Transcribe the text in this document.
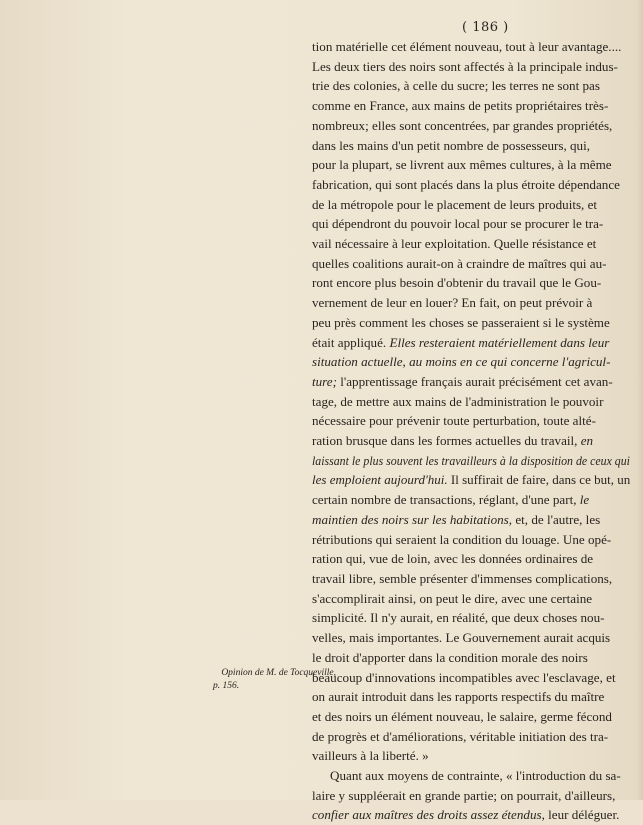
( 186 )
Opinion de M. de Tocqueville,
p. 156.
tion matérielle cet élément nouveau, tout à leur avantage....
Les deux tiers des noirs sont affectés à la principale indus-
trie des colonies, à celle du sucre; les terres ne sont pas
comme en France, aux mains de petits propriétaires très-
nombreux; elles sont concentrées, par grandes propriétés,
dans les mains d'un petit nombre de possesseurs, qui,
pour la plupart, se livrent aux mêmes cultures, à la même
fabrication, qui sont placés dans la plus étroite dépendance
de la métropole pour le placement de leurs produits, et
qui dépendront du pouvoir local pour se procurer le tra-
vail nécessaire à leur exploitation. Quelle résistance et
quelles coalitions aurait-on à craindre de maîtres qui au-
ront encore plus besoin d'obtenir du travail que le Gou-
vernement de leur en louer? En fait, on peut prévoir à
peu près comment les choses se passeraient si le système
était appliqué. Elles resteraient matériellement dans leur
situation actuelle, au moins en ce qui concerne l'agricul-
ture; l'apprentissage français aurait précisément cet avan-
tage, de mettre aux mains de l'administration le pouvoir
nécessaire pour prévenir toute perturbation, toute alté-
ration brusque dans les formes actuelles du travail, en
laissant le plus souvent les travailleurs à la disposition de ceux qui
les emploient aujourd'hui. Il suffirait de faire, dans ce but, un
certain nombre de transactions, réglant, d'une part, le
maintien des noirs sur les habitations, et, de l'autre, les
rétributions qui seraient la condition du louage. Une opé-
ration qui, vue de loin, avec les données ordinaires de
travail libre, semble présenter d'immenses complications,
s'accomplirait ainsi, on peut le dire, avec une certaine
simplicité. Il n'y aurait, en réalité, que deux choses nou-
velles, mais importantes. Le Gouvernement aurait acquis
le droit d'apporter dans la condition morale des noirs
beaucoup d'innovations incompatibles avec l'esclavage, et
on aurait introduit dans les rapports respectifs du maître
et des noirs un élément nouveau, le salaire, germe fécond
de progrès et d'améliorations, véritable initiation des tra-
vailleurs à la liberté. »
Quant aux moyens de contrainte, « l'introduction du sa-
laire y suppléerait en grande partie; on pourrait, d'ailleurs,
confier aux maîtres des droits assez étendus, leur déléguer.
